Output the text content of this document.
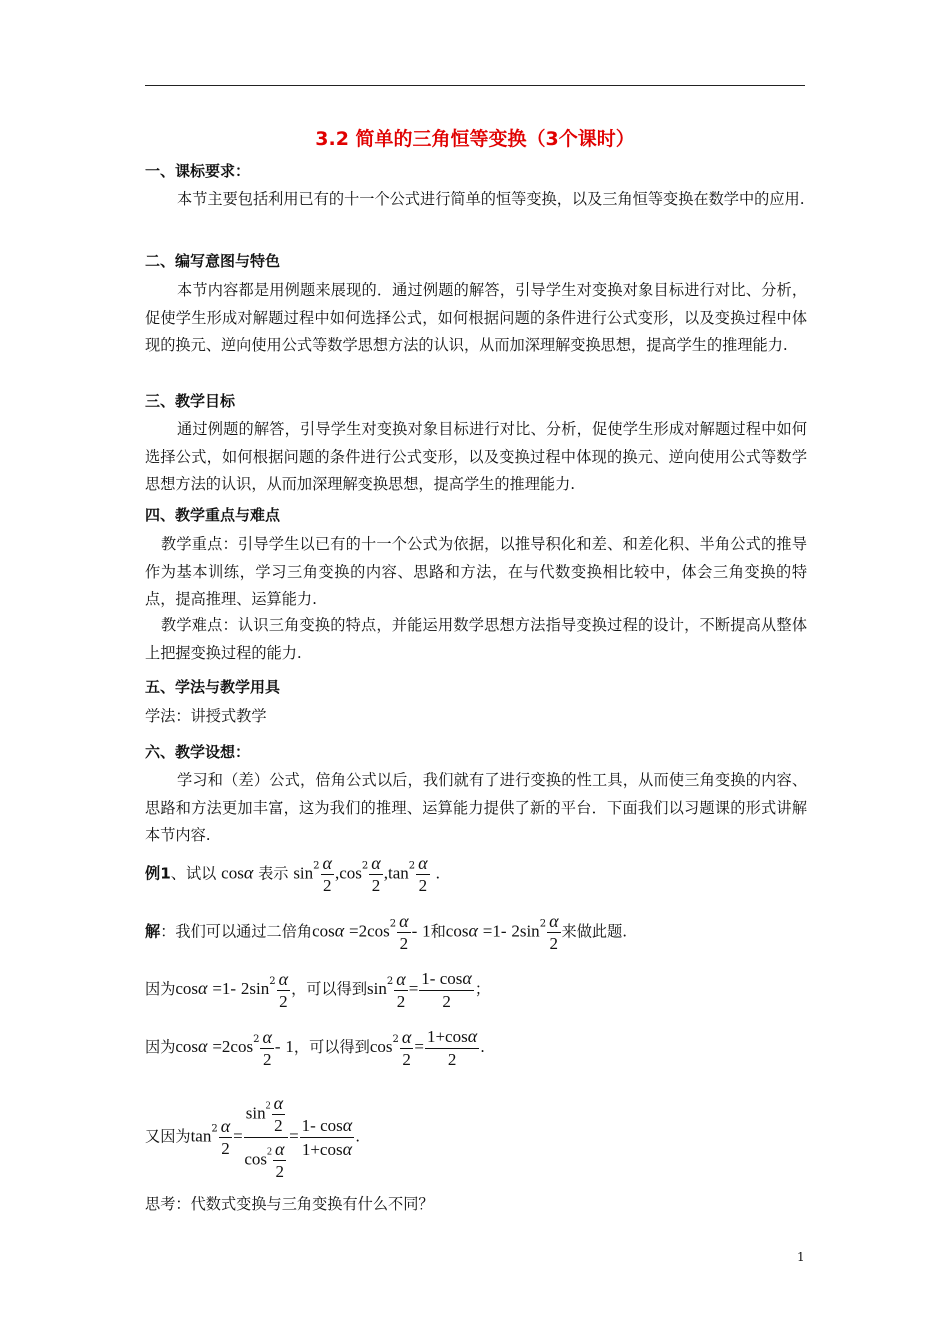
3.2 简单的三角恒等变换（3个课时）
一、课标要求：

本节主要包括利用已有的十一个公式进行简单的恒等变换，以及三角恒等变换在数学中的应用.

二、编写意图与特色

本节内容都是用例题来展现的．通过例题的解答，引导学生对变换对象目标进行对比、分析，促使学生形成对解题过程中如何选择公式，如何根据问题的条件进行公式变形，以及变换过程中体现的换元、逆向使用公式等数学思想方法的认识，从而加深理解变换思想，提高学生的推理能力.

三、教学目标

通过例题的解答，引导学生对变换对象目标进行对比、分析，促使学生形成对解题过程中如何选择公式，如何根据问题的条件进行公式变形，以及变换过程中体现的换元、逆向使用公式等数学思想方法的认识，从而加深理解变换思想，提高学生的推理能力.

四、教学重点与难点

教学重点：引导学生以已有的十一个公式为依据，以推导积化和差、和差化积、半角公式的推导作为基本训练，学习三角变换的内容、思路和方法，在与代数变换相比较中，体会三角变换的特点，提高推理、运算能力.

教学难点：认识三角变换的特点，并能运用数学思想方法指导变换过程的设计，不断提高从整体上把握变换过程的能力.

五、学法与教学用具

学法：讲授式教学

六、教学设想：

学习和（差）公式，倍角公式以后，我们就有了进行变换的性工具，从而使三角变换的内容、思路和方法更加丰富，这为我们的推理、运算能力提供了新的平台．下面我们以习题课的形式讲解本节内容.

例1、试以 cosα 表示 $\sin^2 \frac{\alpha}{2} ,\cos^2 \frac{\alpha}{2} ,\tan^2 \frac{\alpha}{2}$ .
解：我们可以通过二倍角$\cos\alpha =2\cos^2 \frac{\alpha}{2} - 1$和cosα =1- $2\sin^2 \frac{\alpha}{2}$ 来做此题.
因为cosα =1- $2\sin^2 \frac{\alpha}{2}$ ，可以得到$\sin^2 \frac{\alpha}{2} = \frac{1- \cos\alpha}{2}$ ；
因为$\cos\alpha =2\cos^2 \frac{\alpha}{2} - 1$，可以得到$\cos^2 \frac{\alpha}{2} = \frac{1+\cos\alpha}{2}$ .
又因为$\tan^2 \frac{\alpha}{2} = \frac{\sin^2 \frac{\alpha}{2}}{\cos^2 \frac{\alpha}{2}} = \frac{1- \cos\alpha}{1+\cos\alpha}$ .
思考：代数式变换与三角变换有什么不同？
1
